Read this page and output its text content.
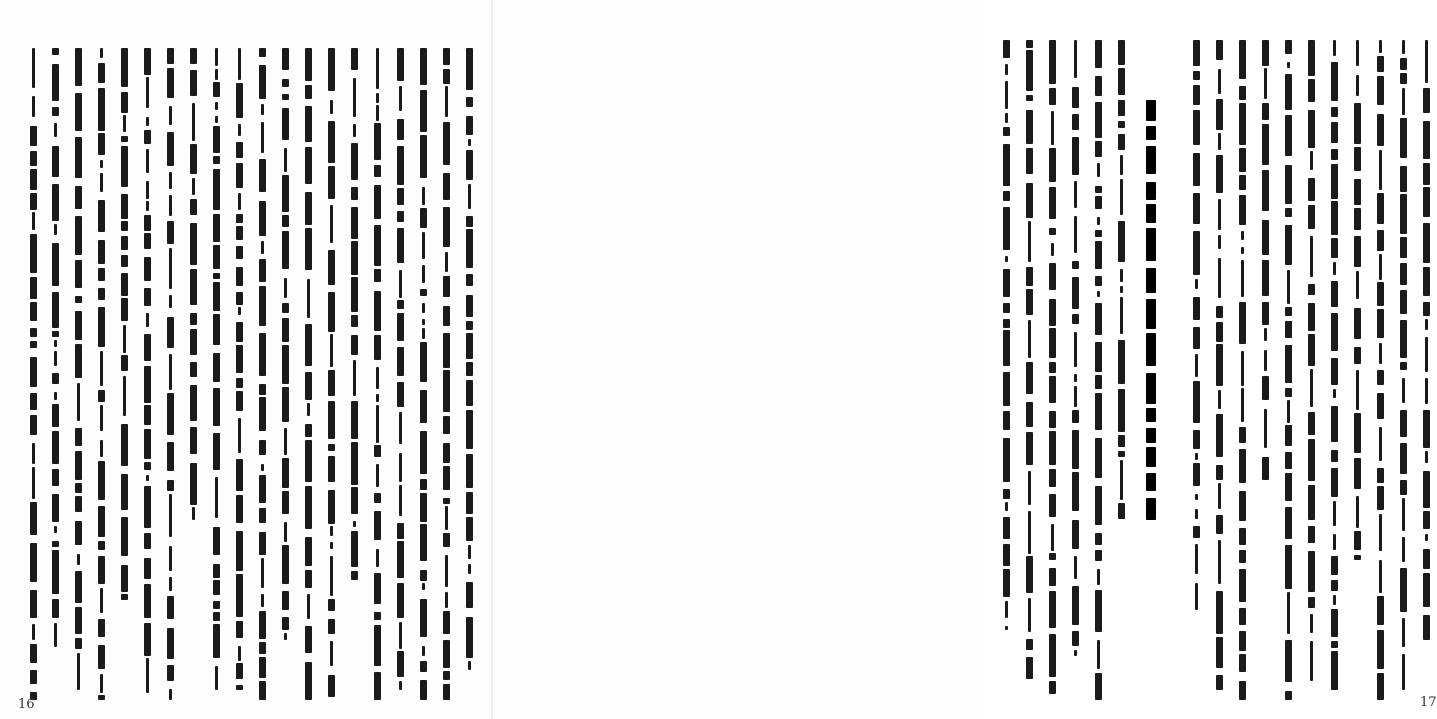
16	17
